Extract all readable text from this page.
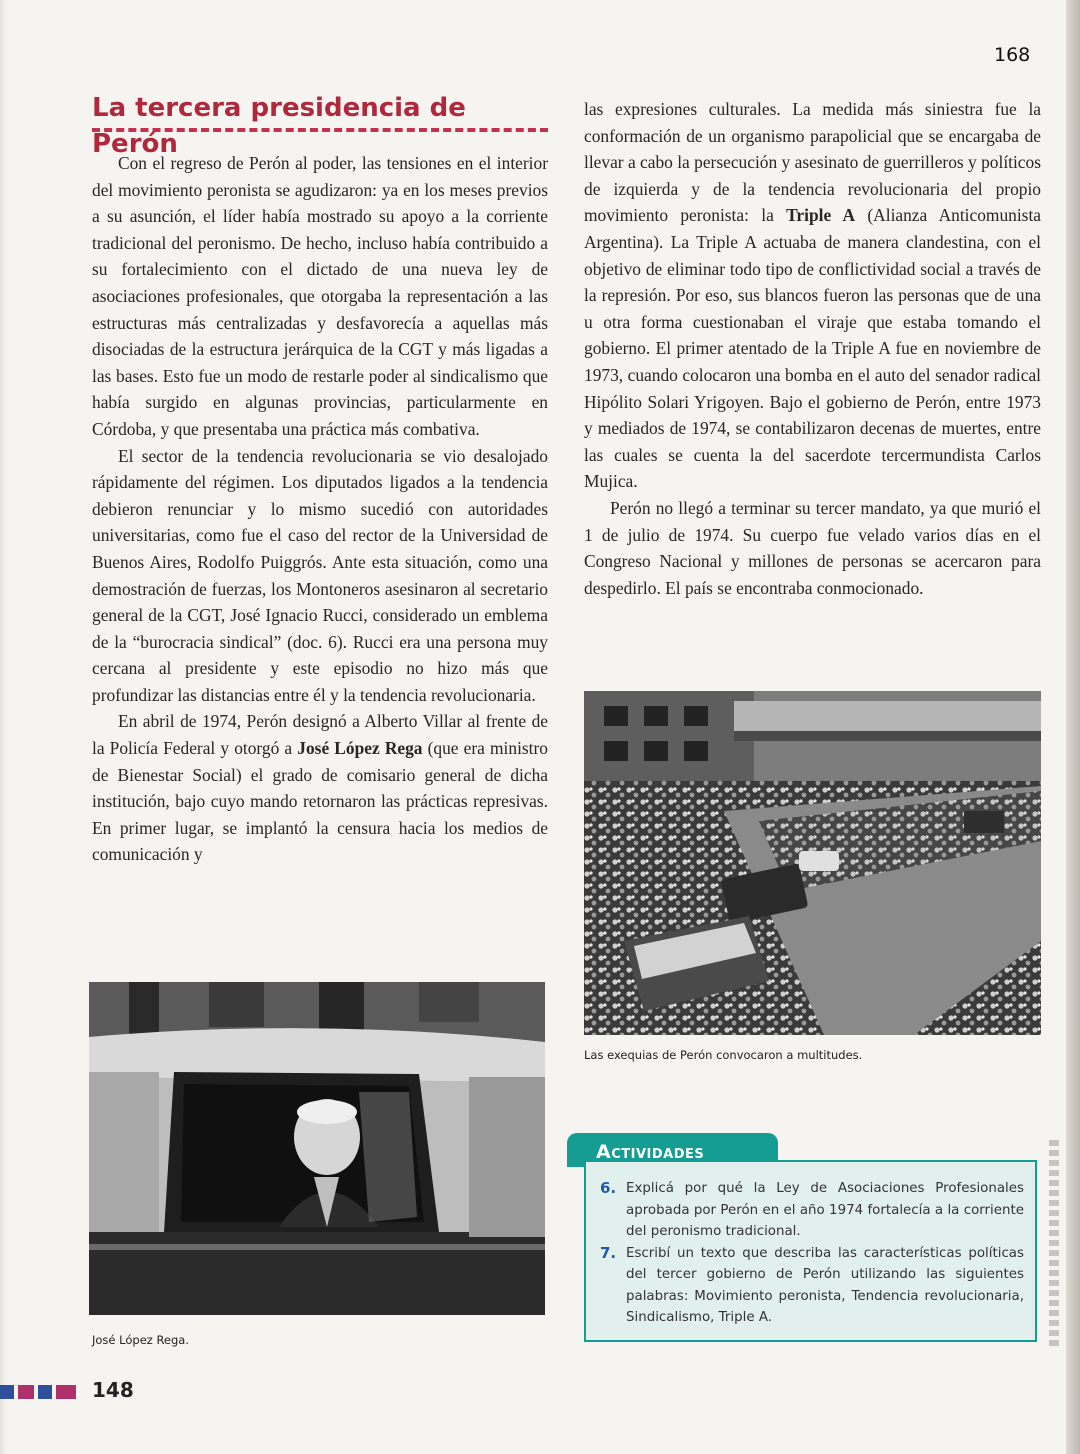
168
La tercera presidencia de Perón

Con el regreso de Perón al poder, las tensiones en el interior del movimiento peronista se agudizaron: ya en los meses previos a su asunción, el líder había mostrado su apoyo a la corriente tradicional del peronismo. De hecho, incluso había contribuido a su fortalecimiento con el dictado de una nueva ley de asociaciones profesionales, que otorgaba la representación a las estructuras más centralizadas y desfavorecía a aquellas más disociadas de la estructura jerárquica de la CGT y más ligadas a las bases. Esto fue un modo de restarle poder al sindicalismo que había surgido en algunas provincias, particularmente en Córdoba, y que presentaba una práctica más combativa.

El sector de la tendencia revolucionaria se vio desalojado rápidamente del régimen. Los diputados ligados a la tendencia debieron renunciar y lo mismo sucedió con autoridades universitarias, como fue el caso del rector de la Universidad de Buenos Aires, Rodolfo Puiggrós. Ante esta situación, como una demostración de fuerzas, los Montoneros asesinaron al secretario general de la CGT, José Ignacio Rucci, considerado un emblema de la “burocracia sindical” (doc. 6). Rucci era una persona muy cercana al presidente y este episodio no hizo más que profundizar las distancias entre él y la tendencia revolucionaria.

En abril de 1974, Perón designó a Alberto Villar al frente de la Policía Federal y otorgó a José López Rega (que era ministro de Bienestar Social) el grado de comisario general de dicha institución, bajo cuyo mando retornaron las prácticas represivas. En primer lugar, se implantó la censura hacia los medios de comunicación y

las expresiones culturales. La medida más siniestra fue la conformación de un organismo parapolicial que se encargaba de llevar a cabo la persecución y asesinato de guerrilleros y políticos de izquierda y de la tendencia revolucionaria del propio movimiento peronista: la Triple A (Alianza Anticomunista Argentina). La Triple A actuaba de manera clandestina, con el objetivo de eliminar todo tipo de conflictividad social a través de la represión. Por eso, sus blancos fueron las personas que de una u otra forma cuestionaban el viraje que estaba tomando el gobierno. El primer atentado de la Triple A fue en noviembre de 1973, cuando colocaron una bomba en el auto del senador radical Hipólito Solari Yrigoyen. Bajo el gobierno de Perón, entre 1973 y mediados de 1974, se contabilizaron decenas de muertes, entre las cuales se cuenta la del sacerdote tercermundista Carlos Mujica.

Perón no llegó a terminar su tercer mandato, ya que murió el 1 de julio de 1974. Su cuerpo fue velado varios días en el Congreso Nacional y millones de personas se acercaron para despedirlo. El país se encontraba conmocionado.

José López Rega.
Las exequias de Perón convocaron a multitudes.
Actividades
6. Explicá por qué la Ley de Asociaciones Profesionales aprobada por Perón en el año 1974 fortalecía a la corriente del peronismo tradicional.
7. Escribí un texto que describa las características políticas del tercer gobierno de Perón utilizando las siguientes palabras: Movimiento peronista, Tendencia revolucionaria, Sindicalismo, Triple A.
148
